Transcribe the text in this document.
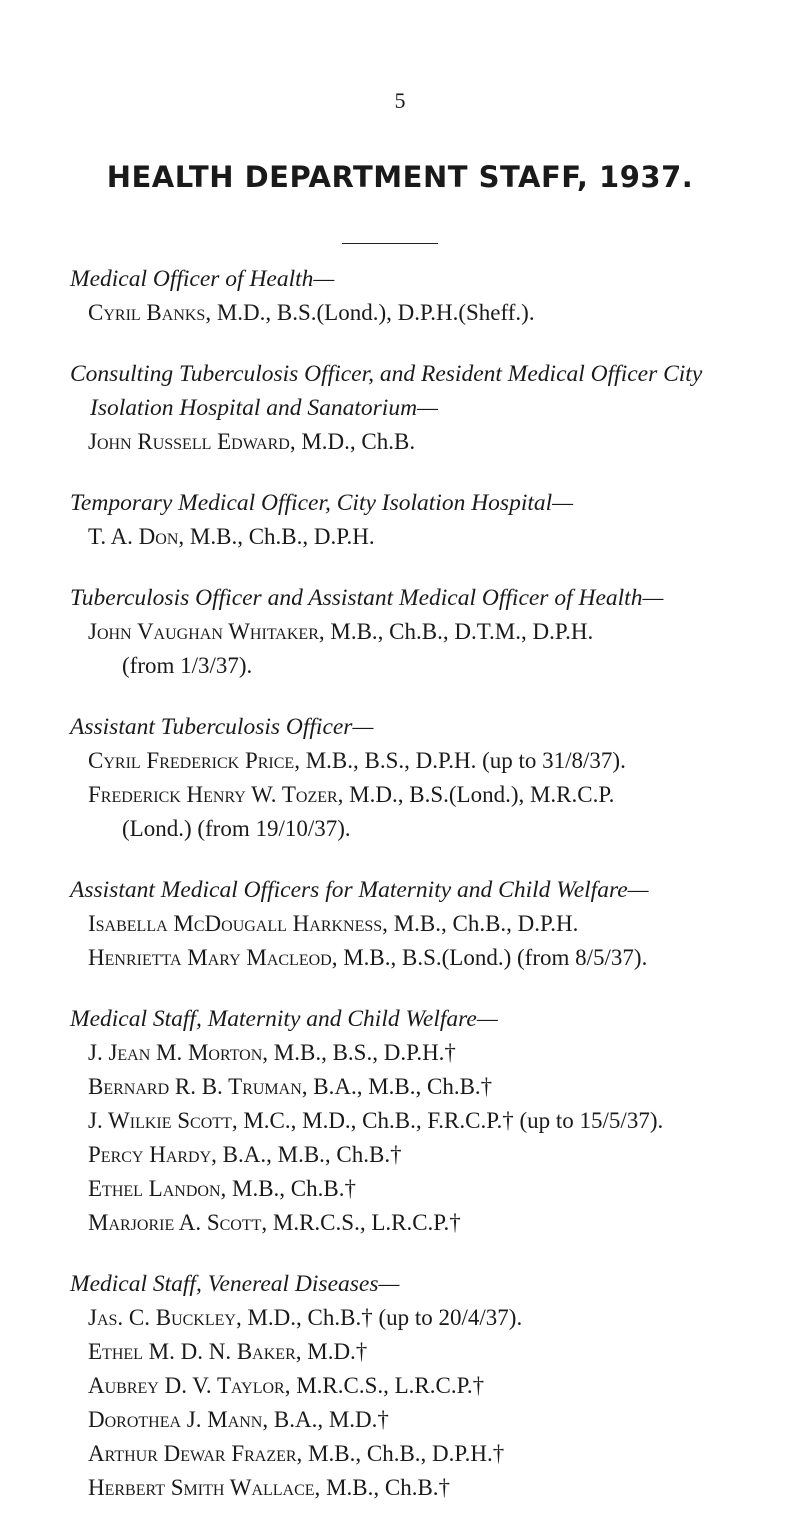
5
HEALTH DEPARTMENT STAFF, 1937.
Medical Officer of Health—
Cyril Banks, M.D., B.S.(Lond.), D.P.H.(Sheff.).
Consulting Tuberculosis Officer, and Resident Medical Officer City
Isolation Hospital and Sanatorium—
John Russell Edward, M.D., Ch.B.
Temporary Medical Officer, City Isolation Hospital—
T. A. Don, M.B., Ch.B., D.P.H.
Tuberculosis Officer and Assistant Medical Officer of Health—
John Vaughan Whitaker, M.B., Ch.B., D.T.M., D.P.H.
(from 1/3/37).
Assistant Tuberculosis Officer—
Cyril Frederick Price, M.B., B.S., D.P.H. (up to 31/8/37).
Frederick Henry W. Tozer, M.D., B.S.(Lond.), M.R.C.P.
(Lond.) (from 19/10/37).
Assistant Medical Officers for Maternity and Child Welfare—
Isabella McDougall Harkness, M.B., Ch.B., D.P.H.
Henrietta Mary Macleod, M.B., B.S.(Lond.) (from 8/5/37).
Medical Staff, Maternity and Child Welfare—
J. Jean M. Morton, M.B., B.S., D.P.H.†
Bernard R. B. Truman, B.A., M.B., Ch.B.†
J. Wilkie Scott, M.C., M.D., Ch.B., F.R.C.P.† (up to 15/5/37).
Percy Hardy, B.A., M.B., Ch.B.†
Ethel Landon, M.B., Ch.B.†
Marjorie A. Scott, M.R.C.S., L.R.C.P.†
Medical Staff, Venereal Diseases—
Jas. C. Buckley, M.D., Ch.B.† (up to 20/4/37).
Ethel M. D. N. Baker, M.D.†
Aubrey D. V. Taylor, M.R.C.S., L.R.C.P.†
Dorothea J. Mann, B.A., M.D.†
Arthur Dewar Frazer, M.B., Ch.B., D.P.H.†
Herbert Smith Wallace, M.B., Ch.B.†
